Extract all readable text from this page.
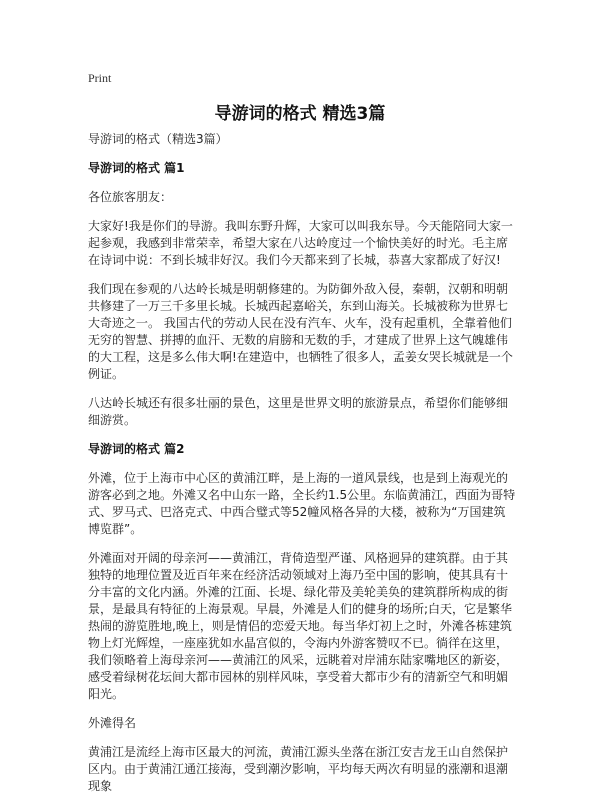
Print
导游词的格式 精选3篇

导游词的格式（精选3篇）

导游词的格式 篇1

各位旅客朋友：

大家好!我是你们的导游。我叫东野升辉，大家可以叫我东导。今天能陪同大家一起参观，我感到非常荣幸，希望大家在八达岭度过一个愉快美好的时光。毛主席在诗词中说：不到长城非好汉。我们今天都来到了长城，恭喜大家都成了好汉!

我们现在参观的八达岭长城是明朝修建的。为防御外敌入侵，秦朝，汉朝和明朝共修建了一万三千多里长城。长城西起嘉峪关，东到山海关。长城被称为世界七大奇迹之一。 我国古代的劳动人民在没有汽车、火车，没有起重机，全靠着他们无穷的智慧、拼搏的血汗、无数的肩膀和无数的手，才建成了世界上这气魄雄伟的大工程，这是多么伟大啊!在建造中，也牺牲了很多人，孟姜女哭长城就是一个例证。

八达岭长城还有很多壮丽的景色，这里是世界文明的旅游景点，希望你们能够细细游赏。

导游词的格式 篇2

外滩，位于上海市中心区的黄浦江畔，是上海的一道风景线，也是到上海观光的游客必到之地。外滩又名中山东一路，全长约1.5公里。东临黄浦江，西面为哥特式、罗马式、巴洛克式、中西合璧式等52幢风格各异的大楼，被称为“万国建筑博览群”。

外滩面对开阔的母亲河——黄浦江，背倚造型严谨、风格迥异的建筑群。由于其独特的地理位置及近百年来在经济活动领域对上海乃至中国的影响，使其具有十分丰富的文化内涵。外滩的江面、长堤、绿化带及美轮美奂的建筑群所构成的街景，是最具有特征的上海景观。早晨，外滩是人们的健身的场所;白天，它是繁华热闹的游览胜地,晚上，则是情侣的恋爱天地。每当华灯初上之时，外滩各栋建筑物上灯光辉煌，一座座犹如水晶宫似的，令海内外游客赞叹不已。徜徉在这里，我们领略着上海母亲河——黄浦江的风采，远眺着对岸浦东陆家嘴地区的新姿，感受着绿树花坛间大都市园林的别样风味，享受着大都市少有的清新空气和明媚阳光。

外滩得名

黄浦江是流经上海市区最大的河流，黄浦江源头坐落在浙江安吉龙王山自然保护区内。由于黄浦江通江接海，受到潮汐影响，平均每天两次有明显的涨潮和退潮现象
